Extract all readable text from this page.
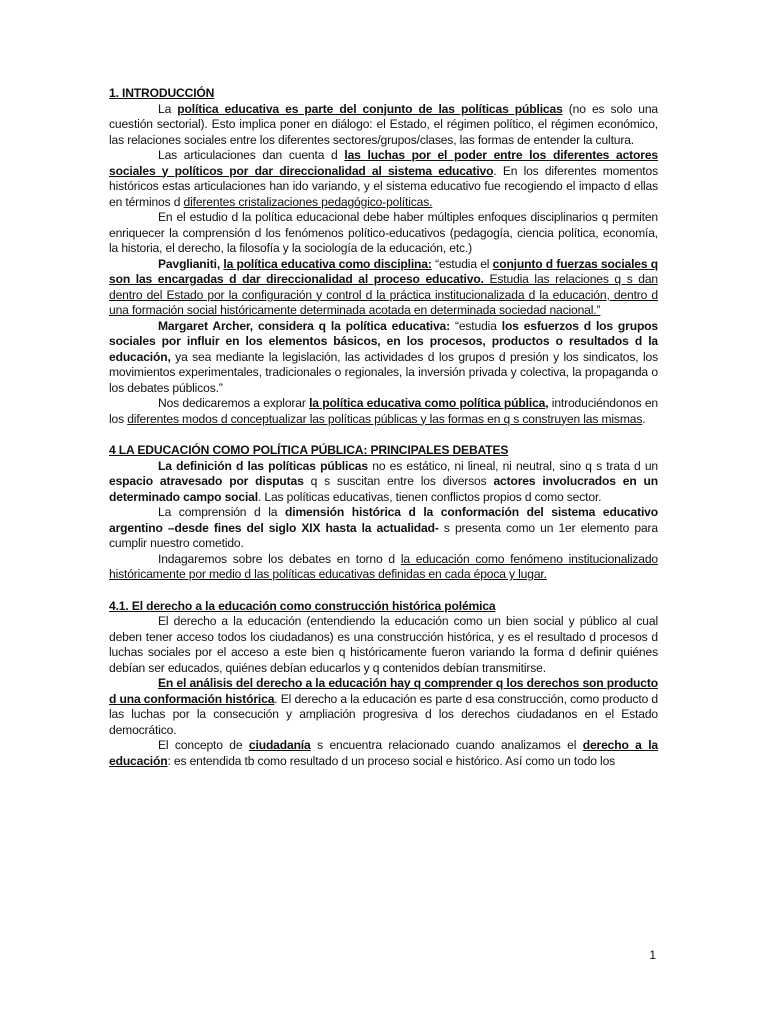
1. INTRODUCCIÓN

La política educativa es parte del conjunto de las políticas públicas (no es solo una cuestión sectorial). Esto implica poner en diálogo: el Estado, el régimen político, el régimen económico, las relaciones sociales entre los diferentes sectores/grupos/clases, las formas de entender la cultura.

Las articulaciones dan cuenta d las luchas por el poder entre los diferentes actores sociales y políticos por dar direccionalidad al sistema educativo. En los diferentes momentos históricos estas articulaciones han ido variando, y el sistema educativo fue recogiendo el impacto d ellas en términos d diferentes cristalizaciones pedagógico-políticas.

En el estudio d la política educacional debe haber múltiples enfoques disciplinarios q permiten enriquecer la comprensión d los fenómenos político-educativos (pedagogía, ciencia política, economía, la historia, el derecho, la filosofía y la sociología de la educación, etc.)

Pavglianiti, la política educativa como disciplina: “estudia el conjunto d fuerzas sociales q son las encargadas d dar direccionalidad al proceso educativo. Estudia las relaciones q s dan dentro del Estado por la configuración y control d la práctica institucionalizada d la educación, dentro d una formación social históricamente determinada acotada en determinada sociedad nacional.”

Margaret Archer, considera q la política educativa: “estudia los esfuerzos d los grupos sociales por influir en los elementos básicos, en los procesos, productos o resultados d la educación, ya sea mediante la legislación, las actividades d los grupos d presión y los sindicatos, los movimientos experimentales, tradicionales o regionales, la inversión privada y colectiva, la propaganda o los debates públicos.”

Nos dedicaremos a explorar la política educativa como política pública, introduciéndonos en los diferentes modos d conceptualizar las políticas públicas y las formas en q s construyen las mismas.

4 LA EDUCACIÓN COMO POLÍTICA PÚBLICA: PRINCIPALES DEBATES

La definición d las políticas públicas no es estático, ni lineal, ni neutral, sino q s trata d un espacio atravesado por disputas q s suscitan entre los diversos actores involucrados en un determinado campo social. Las políticas educativas, tienen conflictos propios d como sector.

La comprensión d la dimensión histórica d la conformación del sistema educativo argentino –desde fines del siglo XIX hasta la actualidad- s presenta como un 1er elemento para cumplir nuestro cometido.

Indagaremos sobre los debates en torno d la educación como fenómeno institucionalizado históricamente por medio d las políticas educativas definidas en cada época y lugar.

4.1. El derecho a la educación como construcción histórica polémica

El derecho a la educación (entendiendo la educación como un bien social y público al cual deben tener acceso todos los ciudadanos) es una construcción histórica, y es el resultado d procesos d luchas sociales por el acceso a este bien q históricamente fueron variando la forma d definir quiénes debían ser educados, quiénes debían educarlos y q contenidos debían transmitirse.

En el análisis del derecho a la educación hay q comprender q los derechos son producto d una conformación histórica. El derecho a la educación es parte d esa construcción, como producto d las luchas por la consecución y ampliación progresiva d los derechos ciudadanos en el Estado democrático.

El concepto de ciudadanía s encuentra relacionado cuando analizamos el derecho a la educación: es entendida tb como resultado d un proceso social e histórico. Así como un todo los

1
